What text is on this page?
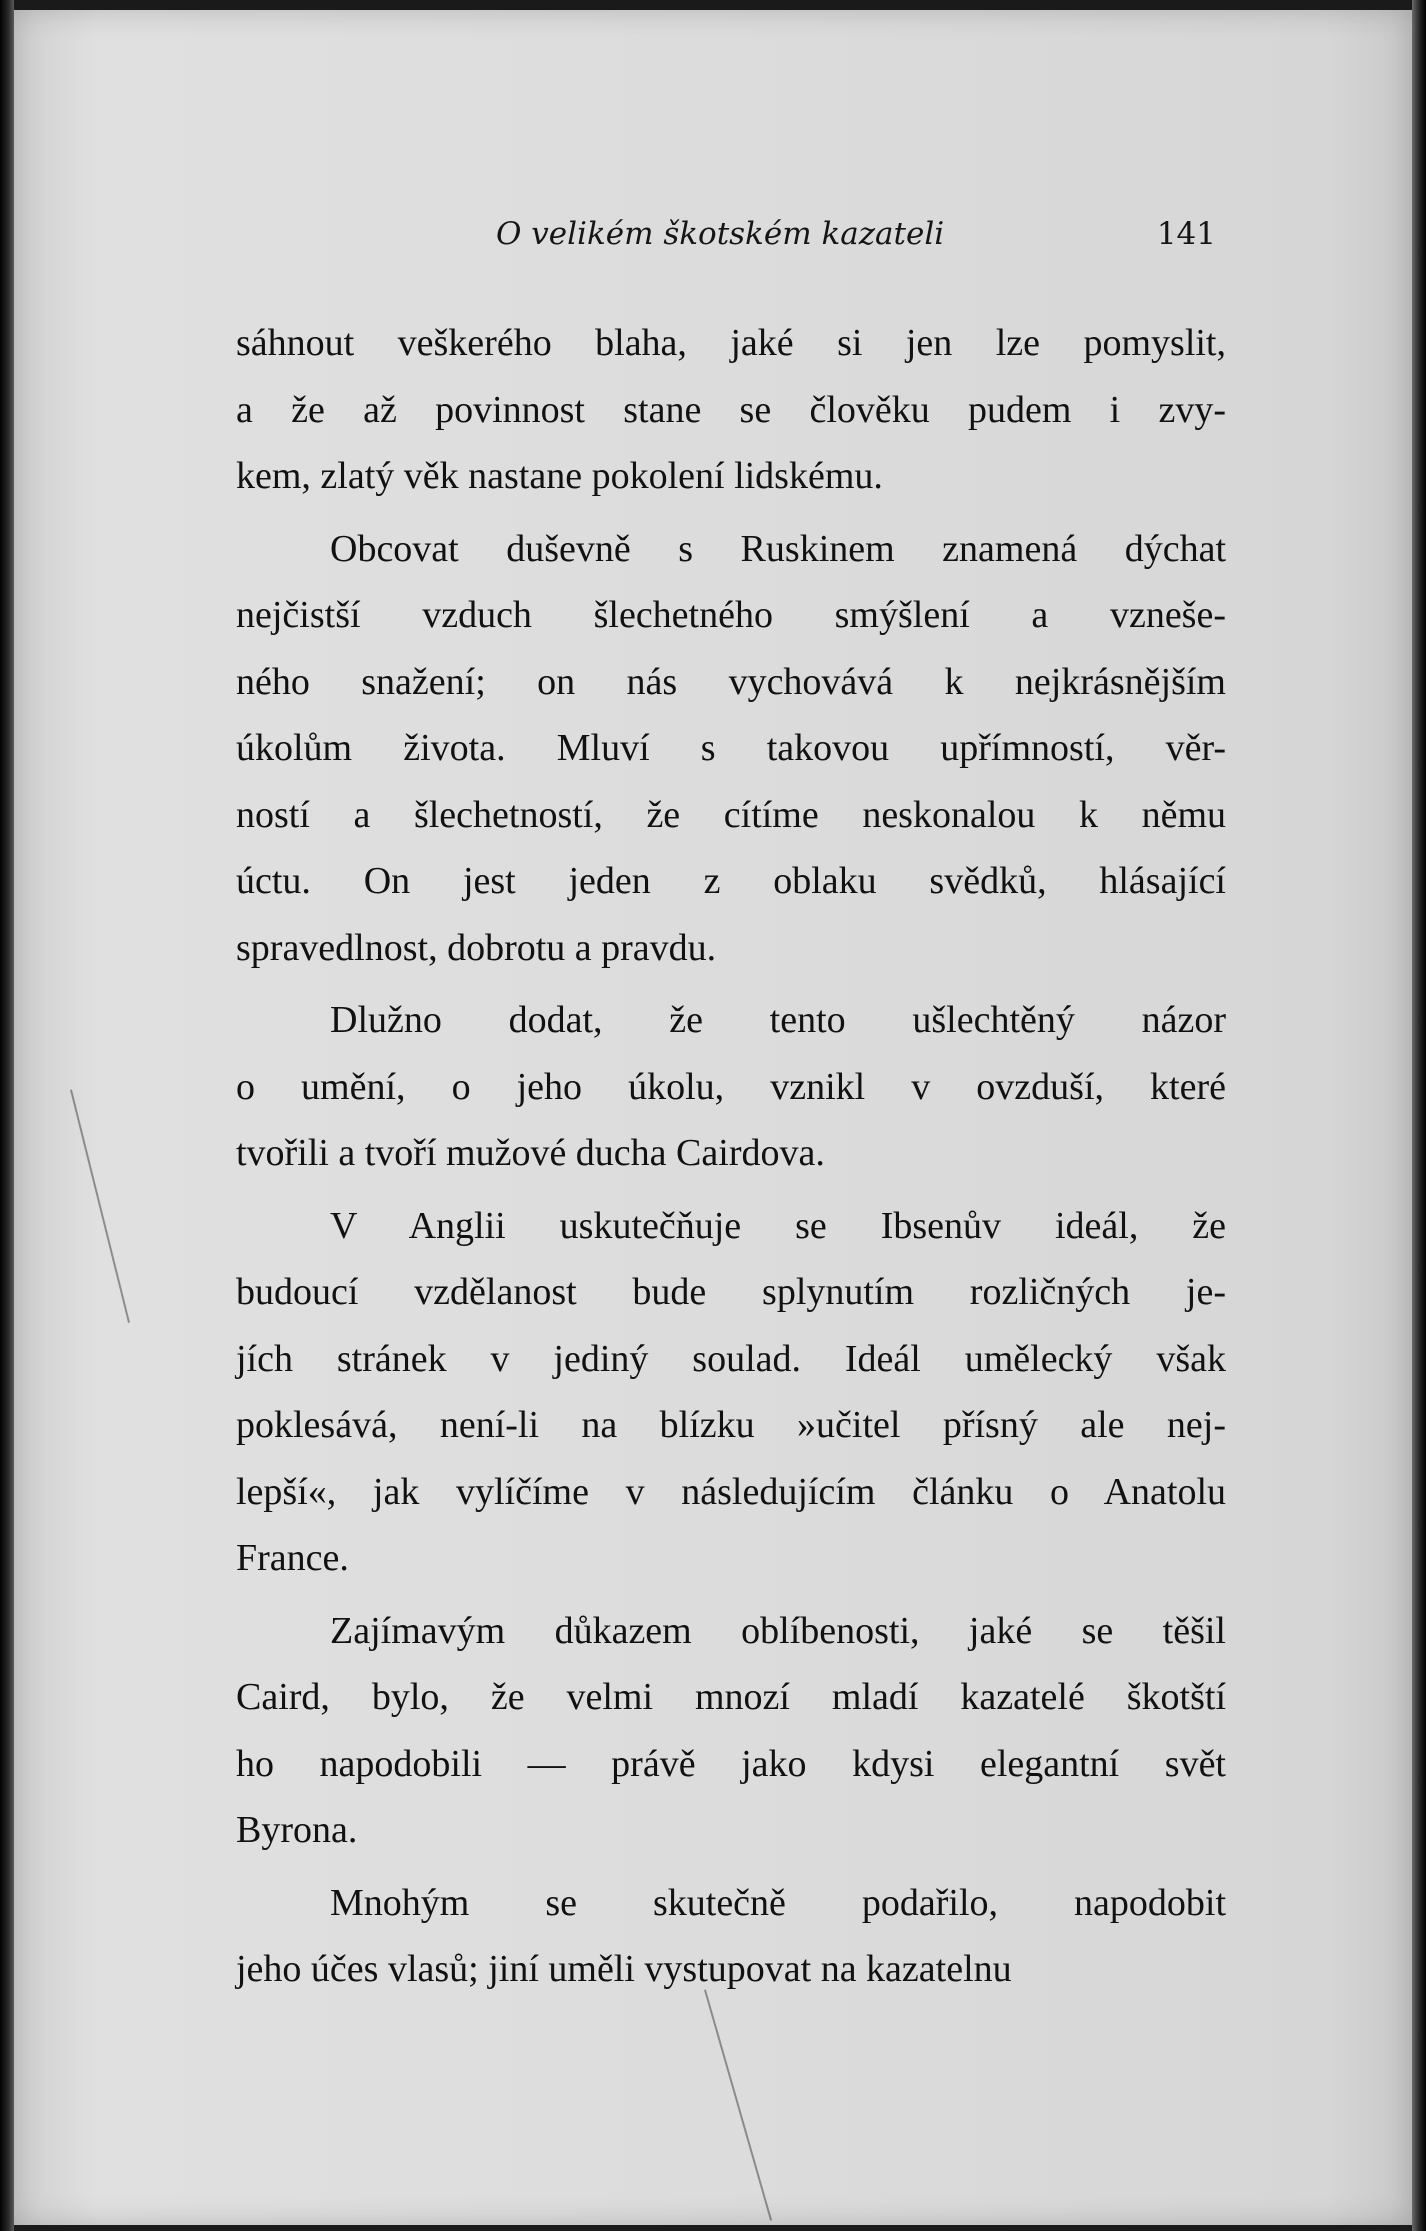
O velikém škotském kazateli	141
sáhnout veškerého blaha, jaké si jen lze pomyslit,
a že až povinnost stane se člověku pudem i zvy-
kem, zlatý věk nastane pokolení lidskému.
Obcovat duševně s Ruskinem znamená dýchat
nejčistší vzduch šlechetného smýšlení a vzneše-
ného snažení; on nás vychovává k nejkrásnějším
úkolům života. Mluví s takovou upřímností, věr-
ností a šlechetností, že cítíme neskonalou k němu
úctu. On jest jeden z oblaku svědků, hlásající
spravedlnost, dobrotu a pravdu.
Dlužno dodat, že tento ušlechtěný názor
o umění, o jeho úkolu, vznikl v ovzduší, které
tvořili a tvoří mužové ducha Cairdova.
V Anglii uskutečňuje se Ibsenův ideál, že
budoucí vzdělanost bude splynutím rozličných je-
jích stránek v jediný soulad. Ideál umělecký však
poklesává, není-li na blízku »učitel přísný ale nej-
lepší«, jak vylíčíme v následujícím článku o Anatolu
France.
Zajímavým důkazem oblíbenosti, jaké se těšil
Caird, bylo, že velmi mnozí mladí kazatelé škotští
ho napodobili — právě jako kdysi elegantní svět
Byrona.
Mnohým se skutečně podařilo, napodobit
jeho účes vlasů; jiní uměli vystupovat na kazatelnu
